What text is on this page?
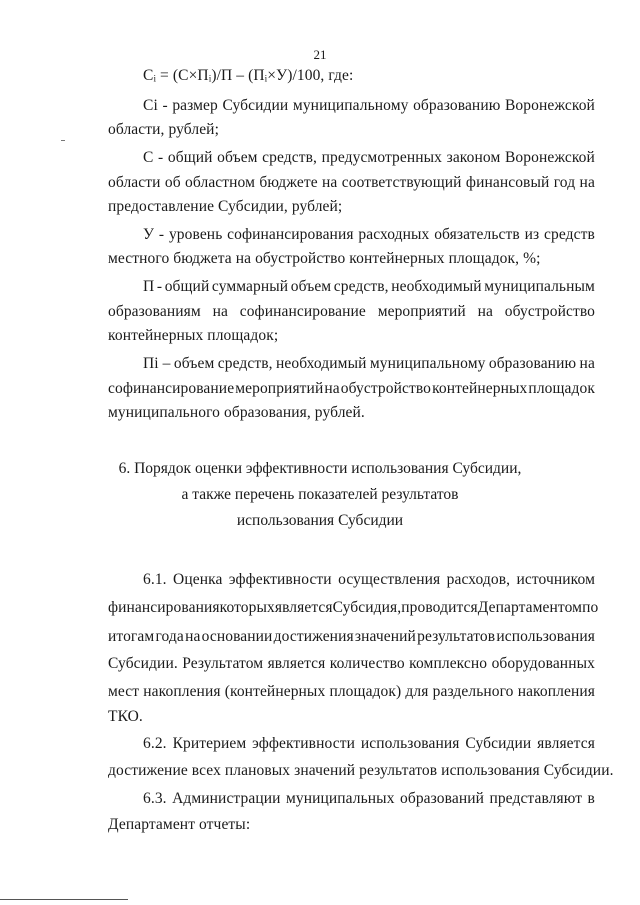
21
Cᵢ = (С×Пᵢ)/П – (Пᵢ×У)/100, где:
Сi - размер Субсидии муниципальному образованию Воронежской
области, рублей;
С - общий объем средств, предусмотренных законом Воронежской
области об областном бюджете на соответствующий финансовый год на
предоставление Субсидии, рублей;
У - уровень софинансирования расходных обязательств из средств
местного бюджета на обустройство контейнерных площадок, %;
П - общий суммарный объем средств, необходимый муниципальным
образованиям на софинансирование мероприятий на обустройство
контейнерных площадок;
Пi – объем средств, необходимый муниципальному образованию на
софинансирование мероприятий на обустройство контейнерных площадок
муниципального образования, рублей.
6. Порядок оценки эффективности использования Субсидии,
а также перечень показателей результатов
использования Субсидии
6.1. Оценка эффективности осуществления расходов, источником
финансирования которых является Субсидия, проводится Департаментом по
итогам года на основании достижения значений результатов использования
Субсидии. Результатом является количество комплексно оборудованных
мест накопления (контейнерных площадок) для раздельного накопления
ТКО.
6.2. Критерием эффективности использования Субсидии является
достижение всех плановых значений результатов использования Субсидии.
6.3. Администрации муниципальных образований представляют в
Департамент отчеты:
